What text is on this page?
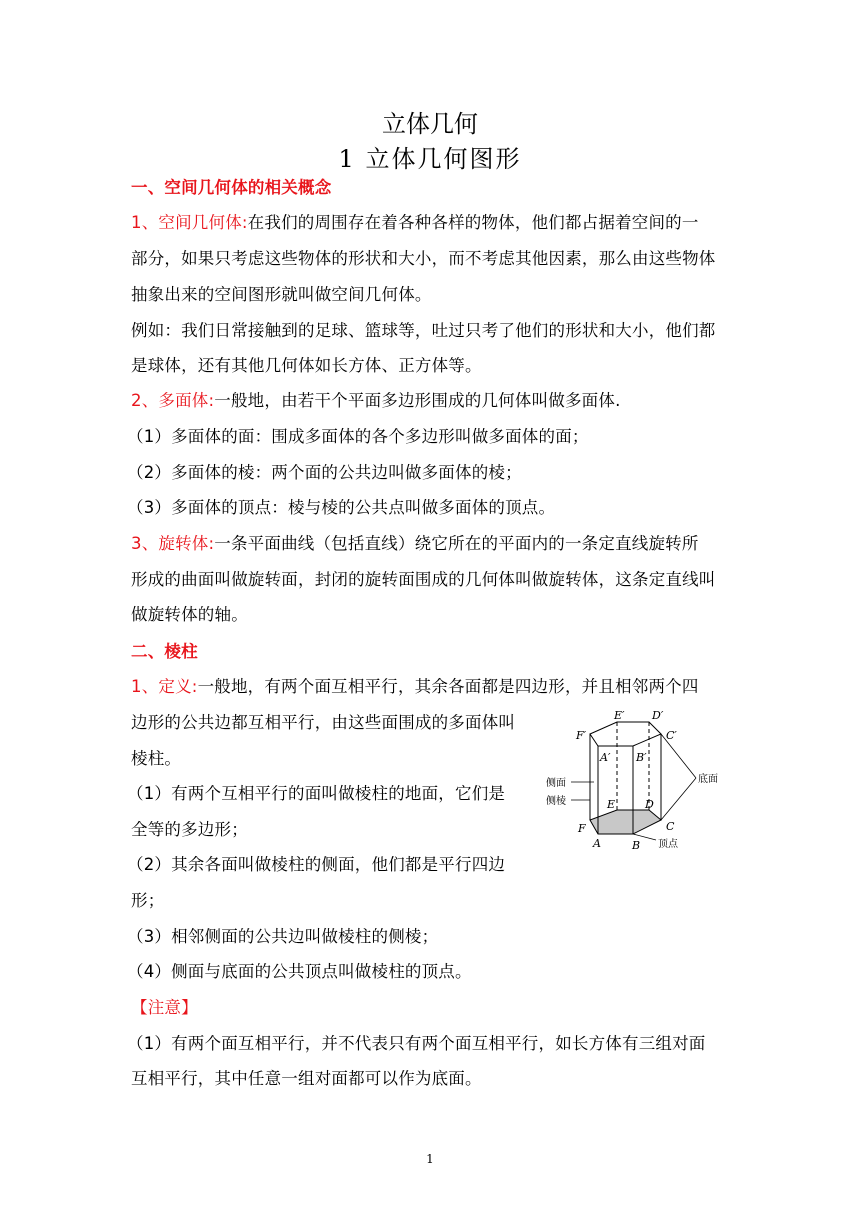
立体几何
1 立体几何图形
一、空间几何体的相关概念
1、空间几何体:在我们的周围存在着各种各样的物体，他们都占据着空间的一
部分，如果只考虑这些物体的形状和大小，而不考虑其他因素，那么由这些物体
抽象出来的空间图形就叫做空间几何体。
例如：我们日常接触到的足球、篮球等，吐过只考了他们的形状和大小，他们都
是球体，还有其他几何体如长方体、正方体等。
2、多面体:一般地，由若干个平面多边形围成的几何体叫做多面体.
（1）多面体的面：围成多面体的各个多边形叫做多面体的面；
（2）多面体的棱：两个面的公共边叫做多面体的棱；
（3）多面体的顶点：棱与棱的公共点叫做多面体的顶点。
3、旋转体:一条平面曲线（包括直线）绕它所在的平面内的一条定直线旋转所
形成的曲面叫做旋转面，封闭的旋转面围成的几何体叫做旋转体，这条定直线叫
做旋转体的轴。
二、棱柱
1、定义:一般地，有两个面互相平行，其余各面都是四边形，并且相邻两个四
边形的公共边都互相平行，由这些面围成的多面体叫
棱柱。
（1）有两个互相平行的面叫做棱柱的地面，它们是
全等的多边形；
（2）其余各面叫做棱柱的侧面，他们都是平行四边
形；
（3）相邻侧面的公共边叫做棱柱的侧棱；
（4）侧面与底面的公共顶点叫做棱柱的顶点。
【注意】
（1）有两个面互相平行，并不代表只有两个面互相平行，如长方体有三组对面
互相平行，其中任意一组对面都可以作为底面。
E′ D′
F′	C′
A′ B′
E	D
F	C
A	B
侧面
侧棱
底面
顶点
1
